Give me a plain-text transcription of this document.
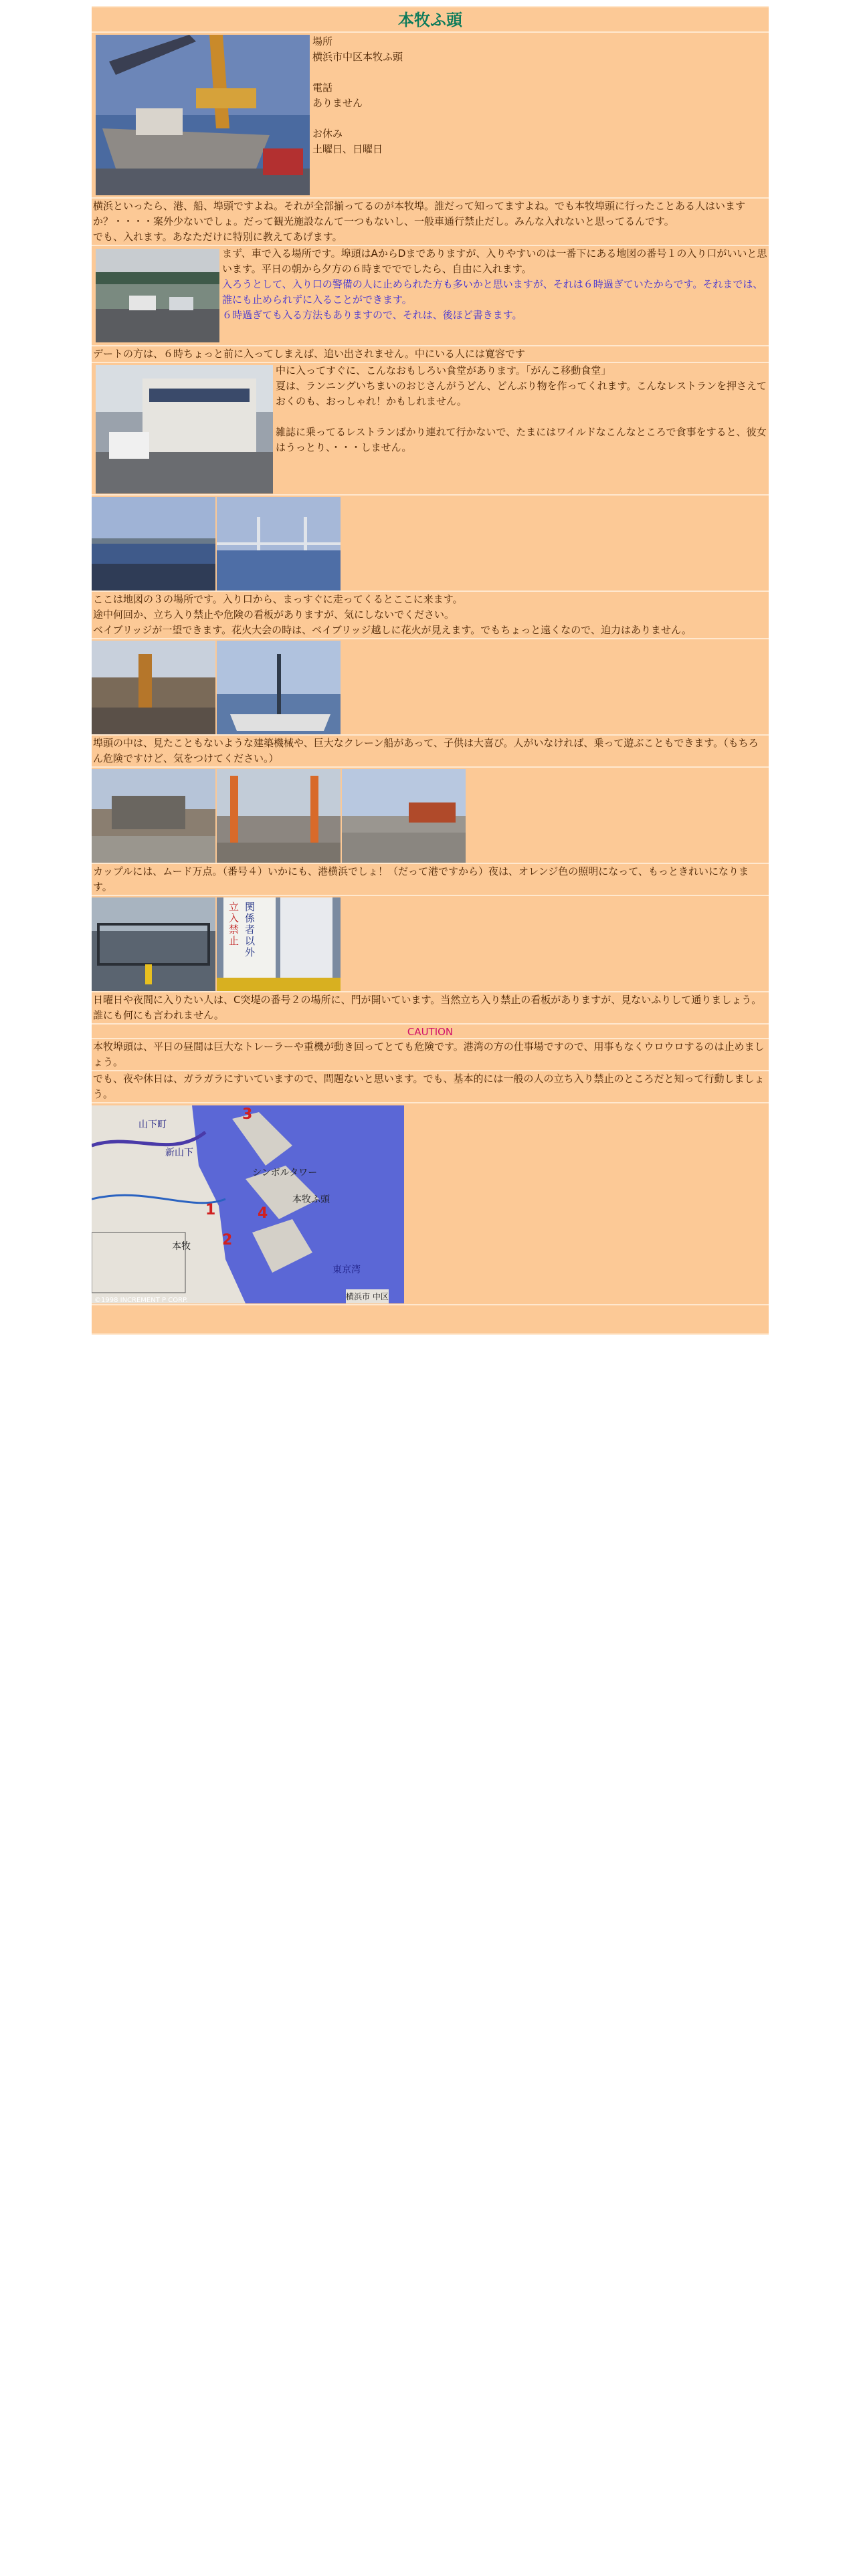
本牧ふ頭

場所

横浜市中区本牧ふ頭

電話

ありません

お休み

土曜日、日曜日

横浜といったら、港、船、埠頭ですよね。それが全部揃ってるのが本牧埠。誰だって知ってますよね。でも本牧埠頭に行ったことある人はいますか？・・・・案外少ないでしょ。だって観光施設なんて一つもないし、一般車通行禁止だし。みんな入れないと思ってるんです。

でも、入れます。あなただけに特別に教えてあげます。

まず、車で入る場所です。埠頭はAからDまでありますが、入りやすいのは一番下にある地図の番号１の入り口がいいと思います。平日の朝から夕方の６時までででしたら、自由に入れます。

入ろうとして、入り口の警備の人に止められた方も多いかと思いますが、それは６時過ぎていたからです。それまでは、誰にも止められずに入ることができます。

６時過ぎても入る方法もありますので、それは、後ほど書きます。

デートの方は、６時ちょっと前に入ってしまえば、追い出されません。中にいる人には寛容です

中に入ってすぐに、こんなおもしろい食堂があります。「がんこ移動食堂」

夏は、ランニングいちまいのおじさんがうどん、どんぶり物を作ってくれます。こんなレストランを押さえておくのも、おっしゃれ！かもしれません。

雑誌に乗ってるレストランばかり連れて行かないで、たまにはワイルドなこんなところで食事をすると、彼女はうっとり、・・・しません。

ここは地図の３の場所です。入り口から、まっすぐに走ってくるとここに来ます。

途中何回か、立ち入り禁止や危険の看板がありますが、気にしないでください。

ベイブリッジが一望できます。花火大会の時は、ベイブリッジ越しに花火が見えます。でもちょっと遠くなので、迫力はありません。

埠頭の中は、見たこともないような建築機械や、巨大なクレーン船があって、子供は大喜び。人がいなければ、乗って遊ぶこともできます。（もちろん危険ですけど、気をつけてください。）
カップルには、ムード万点。（番号４）いかにも、港横浜でしょ！（だって港ですから）夜は、オレンジ色の照明になって、もっときれいになります。
立
入
禁
止
関
係
者
以
外
日曜日や夜間に入りたい人は、C突堤の番号２の場所に、門が開いています。当然立ち入り禁止の看板がありますが、見ないふりして通りましょう。誰にも何にも言われません。
CAUTION

本牧埠頭は、平日の昼間は巨大なトレーラーや重機が動き回ってとても危険です。港湾の方の仕事場ですので、用事もなくウロウロするのは止めましょう。

でも、夜や休日は、ガラガラにすいていますので、問題ないと思います。でも、基本的には一般の人の立ち入り禁止のところだと知って行動しましょう。

山下町
新山下
シンボルタワー
本牧ふ頭
本牧
東京湾
横浜市 中区
3
4
2
1
©1998 INCREMENT P CORP.
